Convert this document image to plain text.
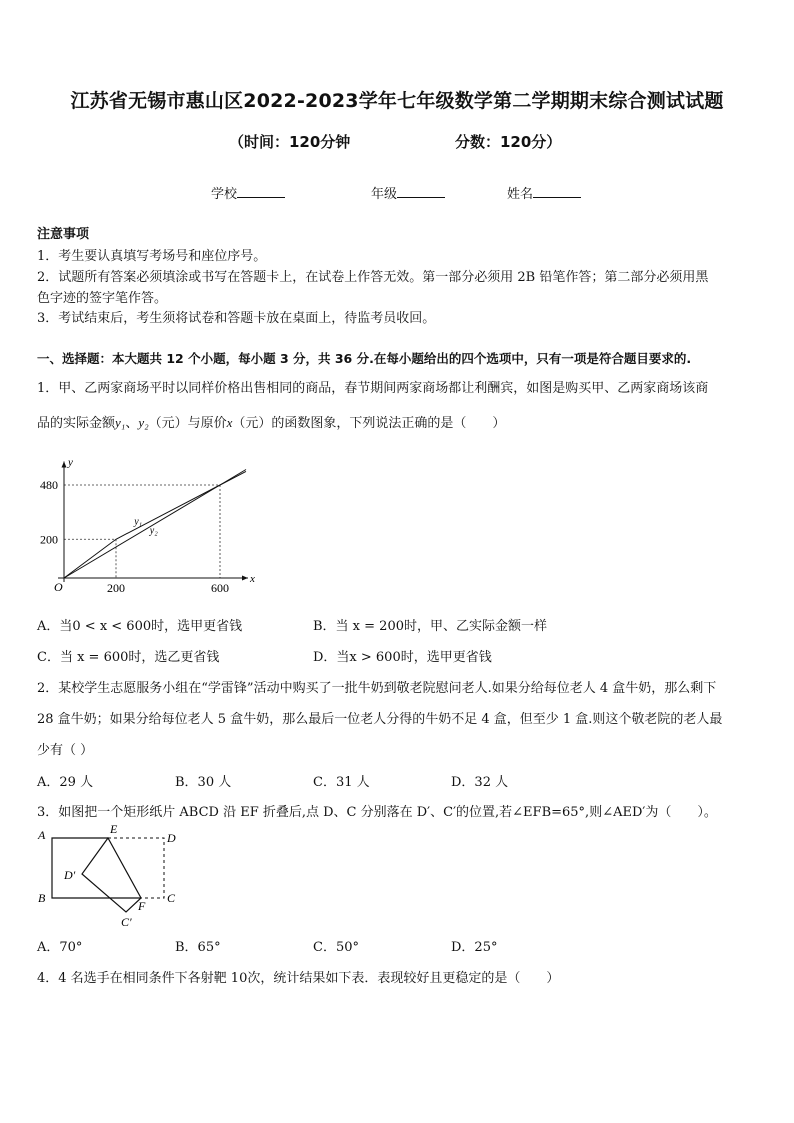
江苏省无锡市惠山区2022-2023学年七年级数学第二学期期末综合测试试题
（时间：120分钟	分数：120分）
学校	年级	姓名
注意事项
1．考生要认真填写考场号和座位序号。
2．试题所有答案必须填涂或书写在答题卡上，在试卷上作答无效。第一部分必须用 2B 铅笔作答；第二部分必须用黑
色字迹的签字笔作答。
3．考试结束后，考生须将试卷和答题卡放在桌面上，待监考员收回。
一、选择题：本大题共 12 个小题，每小题 3 分，共 36 分.在每小题给出的四个选项中，只有一项是符合题目要求的.
1．甲、乙两家商场平时以同样价格出售相同的商品，春节期间两家商场都让利酬宾，如图是购买甲、乙两家商场该商
品的实际金额y₁、y₂（元）与原价x（元）的函数图象，下列说法正确的是（　　）
x
y
O	200	600
200
480
y₁
y₂
A．当0 < x < 600时，选甲更省钱	B．当 x = 200时，甲、乙实际金额一样
C．当 x = 600时，选乙更省钱	D．当x > 600时，选甲更省钱
2．某校学生志愿服务小组在“学雷锋”活动中购买了一批牛奶到敬老院慰问老人.如果分给每位老人 4 盒牛奶，那么剩下
28 盒牛奶；如果分给每位老人 5 盒牛奶，那么最后一位老人分得的牛奶不足 4 盒，但至少 1 盒.则这个敬老院的老人最
少有（ ）
A．29 人	B．30 人	C．31 人	D．32 人
3．如图把一个矩形纸片 ABCD 沿 EF 折叠后,点 D、C 分别落在 D′、C′的位置,若∠EFB=65°,则∠AED′为（　　）。
A	E
D
D′
B	C
F
C′
A．70°	B．65°	C．50°	D．25°
4．4 名选手在相同条件下各射靶 10次，统计结果如下表．表现较好且更稳定的是（　　）
